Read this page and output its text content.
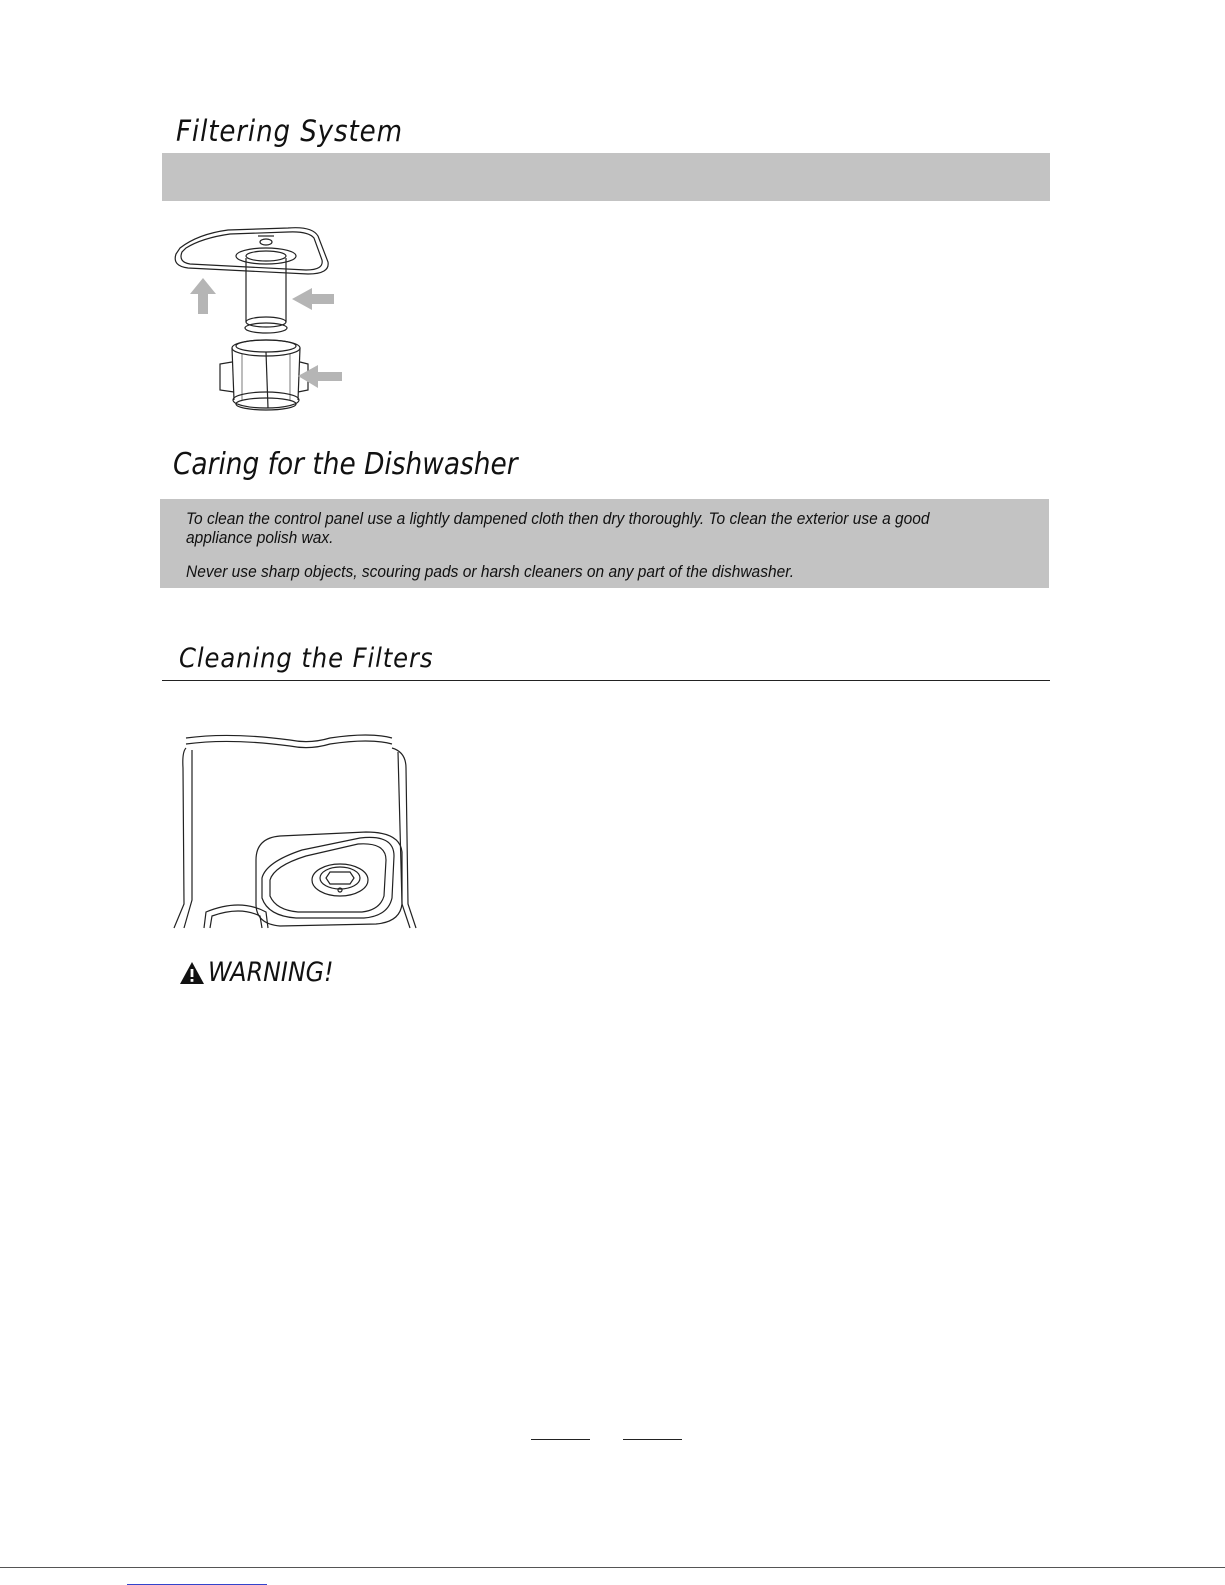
Filtering System
Caring for the Dishwasher

To clean the control panel use a lightly dampened cloth then dry thoroughly. To clean the exterior use a good appliance polish wax.

Never use sharp objects, scouring pads or harsh cleaners on any part of the dishwasher.

Cleaning the Filters
WARNING!
